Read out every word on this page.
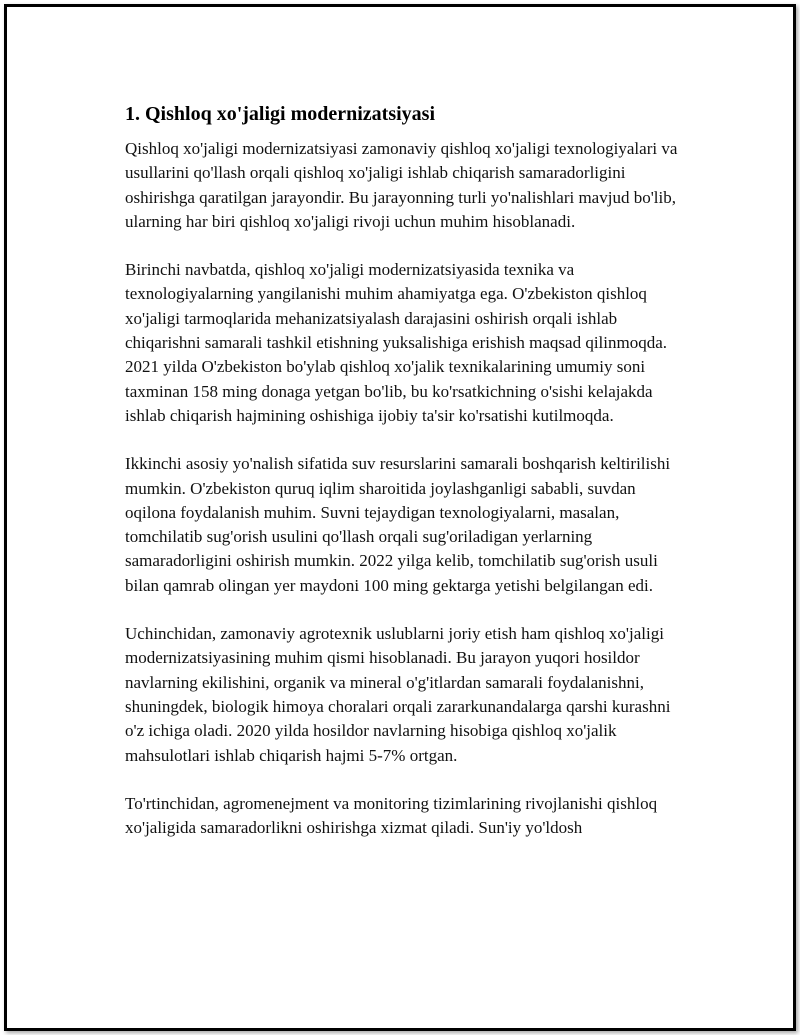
1. Qishloq xo'jaligi modernizatsiyasi

Qishloq xo'jaligi modernizatsiyasi zamonaviy qishloq xo'jaligi texnologiyalari va usullarini qo'llash orqali qishloq xo'jaligi ishlab chiqarish samaradorligini oshirishga qaratilgan jarayondir. Bu jarayonning turli yo'nalishlari mavjud bo'lib, ularning har biri qishloq xo'jaligi rivoji uchun muhim hisoblanadi.

Birinchi navbatda, qishloq xo'jaligi modernizatsiyasida texnika va texnologiyalarning yangilanishi muhim ahamiyatga ega. O'zbekiston qishloq xo'jaligi tarmoqlarida mehanizatsiyalash darajasini oshirish orqali ishlab chiqarishni samarali tashkil etishning yuksalishiga erishish maqsad qilinmoqda. 2021 yilda O'zbekiston bo'ylab qishloq xo'jalik texnikalarining umumiy soni taxminan 158 ming donaga yetgan bo'lib, bu ko'rsatkichning o'sishi kelajakda ishlab chiqarish hajmining oshishiga ijobiy ta'sir ko'rsatishi kutilmoqda.

Ikkinchi asosiy yo'nalish sifatida suv resurslarini samarali boshqarish keltirilishi mumkin. O'zbekiston quruq iqlim sharoitida joylashganligi sababli, suvdan oqilona foydalanish muhim. Suvni tejaydigan texnologiyalarni, masalan, tomchilatib sug'orish usulini qo'llash orqali sug'oriladigan yerlarning samaradorligini oshirish mumkin. 2022 yilga kelib, tomchilatib sug'orish usuli bilan qamrab olingan yer maydoni 100 ming gektarga yetishi belgilangan edi.

Uchinchidan, zamonaviy agrotexnik uslublarni joriy etish ham qishloq xo'jaligi modernizatsiyasining muhim qismi hisoblanadi. Bu jarayon yuqori hosildor navlarning ekilishini, organik va mineral o'g'itlardan samarali foydalanishni, shuningdek, biologik himoya choralari orqali zararkunandalarga qarshi kurashni o'z ichiga oladi. 2020 yilda hosildor navlarning hisobiga qishloq xo'jalik mahsulotlari ishlab chiqarish hajmi 5-7% ortgan.

To'rtinchidan, agromenejment va monitoring tizimlarining rivojlanishi qishloq xo'jaligida samaradorlikni oshirishga xizmat qiladi. Sun'iy yo'ldosh
